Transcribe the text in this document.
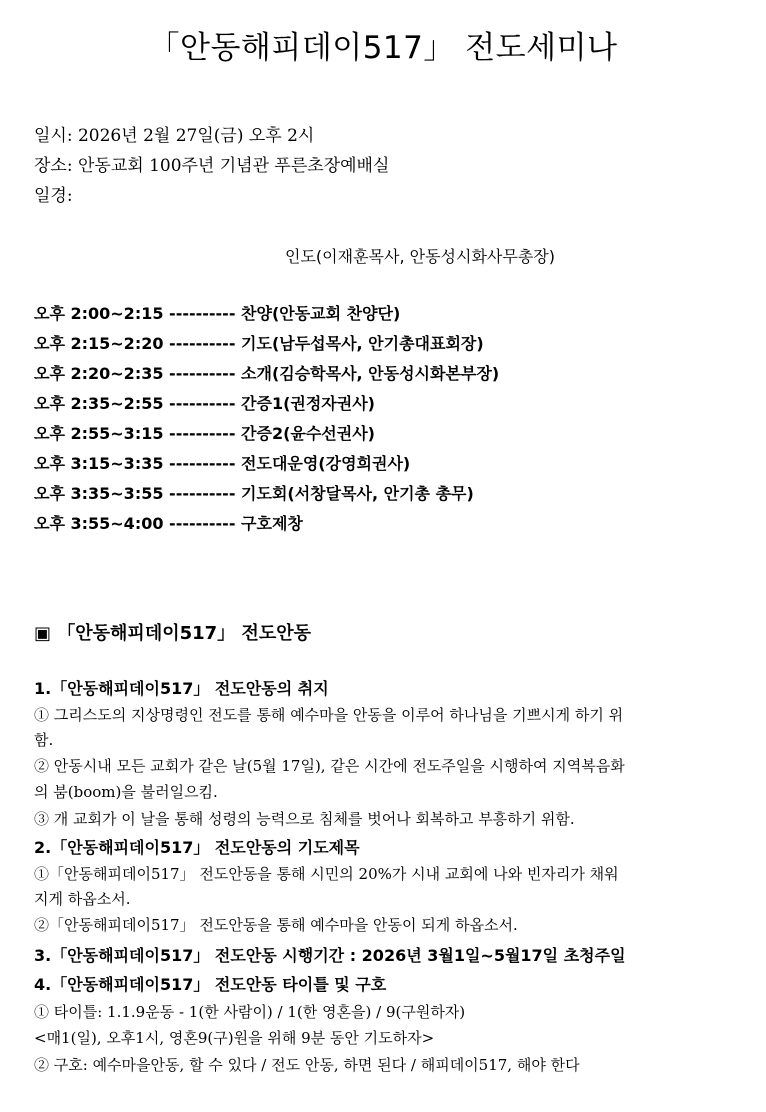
「안동해피데이517」 전도세미나
일시: 2026년 2월 27일(금) 오후 2시
장소: 안동교회 100주년 기념관 푸른초장예배실
일경:
인도(이재훈목사, 안동성시화사무총장)
오후 2:00~2:15 ---------- 찬양(안동교회 찬양단)
오후 2:15~2:20 ---------- 기도(남두섭목사, 안기총대표회장)
오후 2:20~2:35 ---------- 소개(김승학목사, 안동성시화본부장)
오후 2:35~2:55 ---------- 간증1(권정자권사)
오후 2:55~3:15 ---------- 간증2(윤수선권사)
오후 3:15~3:35 ---------- 전도대운영(강영희권사)
오후 3:35~3:55 ---------- 기도회(서창달목사, 안기총 총무)
오후 3:55~4:00 ---------- 구호제창
▣ 「안동해피데이517」 전도안동
1.「안동해피데이517」 전도안동의 취지
① 그리스도의 지상명령인 전도를 통해 예수마을 안동을 이루어 하나님을 기쁘시게 하기 위
함.
② 안동시내 모든 교회가 같은 날(5월 17일), 같은 시간에 전도주일을 시행하여 지역복음화
의 붐(boom)을 불러일으킴.
③ 개 교회가 이 날을 통해 성령의 능력으로 침체를 벗어나 회복하고 부흥하기 위함.
2.「안동해피데이517」 전도안동의 기도제목
①「안동해피데이517」 전도안동을 통해 시민의 20%가 시내 교회에 나와 빈자리가 채워
지게 하옵소서.
②「안동해피데이517」 전도안동을 통해 예수마을 안동이 되게 하옵소서.
3.「안동해피데이517」 전도안동 시행기간 : 2026년 3월1일~5월17일 초청주일
4.「안동해피데이517」 전도안동 타이틀 및 구호
① 타이틀: 1.1.9운동 - 1(한 사람이) / 1(한 영혼을) / 9(구원하자)
<매1(일), 오후1시, 영혼9(구)원을 위해 9분 동안 기도하자>
② 구호: 예수마을안동, 할 수 있다 / 전도 안동, 하면 된다 / 해피데이517, 해야 한다
